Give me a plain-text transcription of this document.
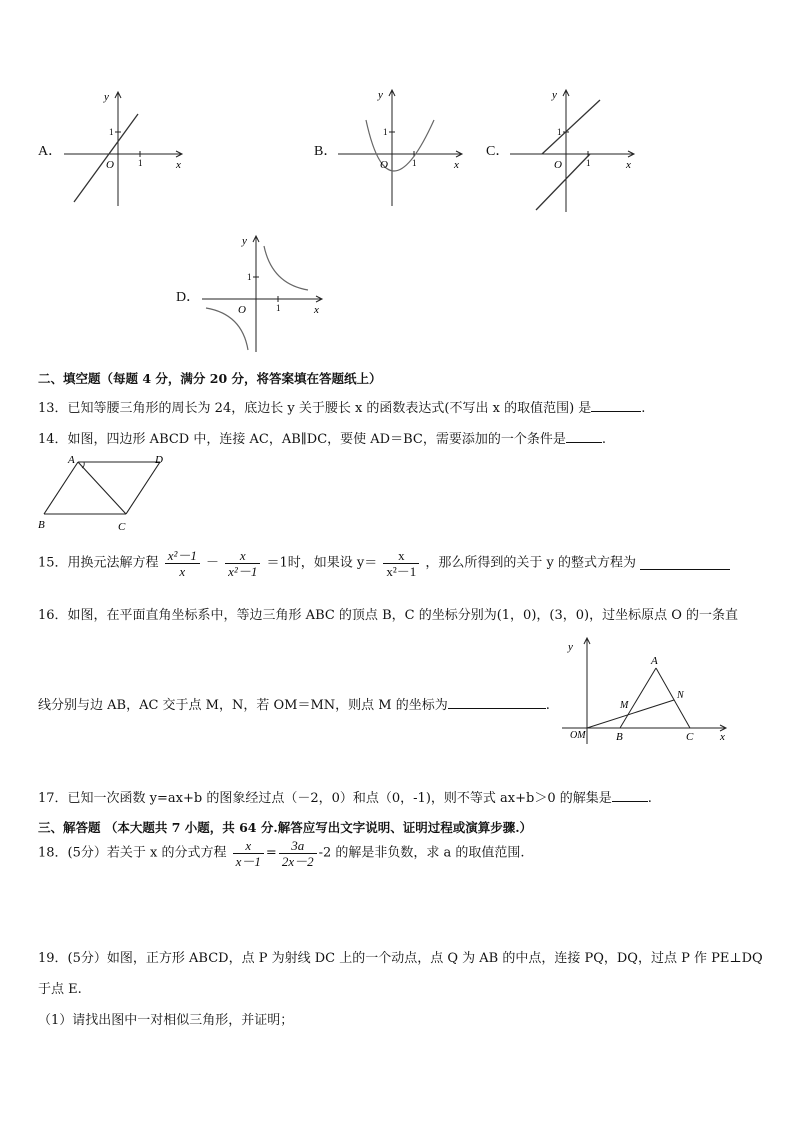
A．
y
x
O	1
1
B．
y
x
O	1
1
C．
y
x
O	1
1
D．
y
x
O	1
1
二、填空题（每题 4 分，满分 20 分，将答案填在答题纸上）
13．已知等腰三角形的周长为 24，底边长 y 关于腰长 x 的函数表达式(不写出 x 的取值范围) 是	.
14．如图，四边形 ABCD 中，连接 AC，AB∥DC，要使 AD＝BC，需要添加的一个条件是	.
A	D
B	C
15．用换元法解方程 $\frac{\text{x²－1}}{x} - \frac{x}{\text{x²－1}} =1$时，如果设 $y= \frac{x}{\text{x²－1}}$ ，那么所得到的关于 y 的整式方程为
16．如图，在平面直角坐标系中，等边三角形 ABC 的顶点 B，C 的坐标分别为(1，0)，(3，0)，过坐标原点 O 的一条直
线分别与边 AB，AC 交于点 M，N，若 OM＝MN，则点 M 的坐标为	.
y
A
N
M
OM	B	C x
17．已知一次函数 y=ax+b 的图象经过点（－2，0）和点（0，-1)，则不等式 ax+b＞0 的解集是	.
三、解答题 （本大题共 7 小题，共 64 分.解答应写出文字说明、证明过程或演算步骤.）
18．(5分）若关于 x 的分式方程 $\frac{x}{x-1} = \frac{3a}{2x-2} -2$ 的解是非负数，求 a 的取值范围.
19．(5分）如图，正方形 ABCD，点 P 为射线 DC 上的一个动点，点 Q 为 AB 的中点，连接 PQ，DQ，过点 P 作 PE⊥DQ
于点 E.
（1）请找出图中一对相似三角形，并证明；
